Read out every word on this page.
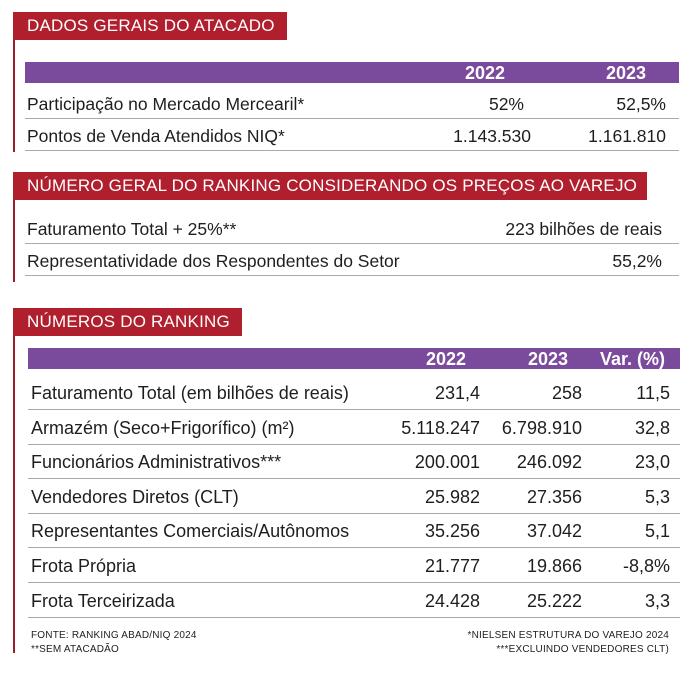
DADOS GERAIS DO ATACADO
2022	2023
Participação no Mercado Mercearil*	52%	52,5%
Pontos de Venda Atendidos NIQ*	1.143.530	1.161.810
NÚMERO GERAL DO RANKING CONSIDERANDO OS PREÇOS AO VAREJO
Faturamento Total + 25%**	223 bilhões de reais
Representatividade dos Respondentes do Setor	55,2%
NÚMEROS DO RANKING
2022	2023 Var. (%)
Faturamento Total (em bilhões de reais)	231,4	258	11,5
Armazém (Seco+Frigorífico) (m²)	5.118.247 6.798.910	32,8
Funcionários Administrativos***	200.001 246.092	23,0
Vendedores Diretos (CLT)	25.982	27.356	5,3
Representantes Comerciais/Autônomos	35.256	37.042	5,1
Frota Própria	21.777	19.866 -8,8%
Frota Terceirizada	24.428	25.222	3,3
FONTE: RANKING ABAD/NIQ 2024
**SEM ATACADÃO
*NIELSEN ESTRUTURA DO VAREJO 2024
***EXCLUINDO VENDEDORES CLT)
